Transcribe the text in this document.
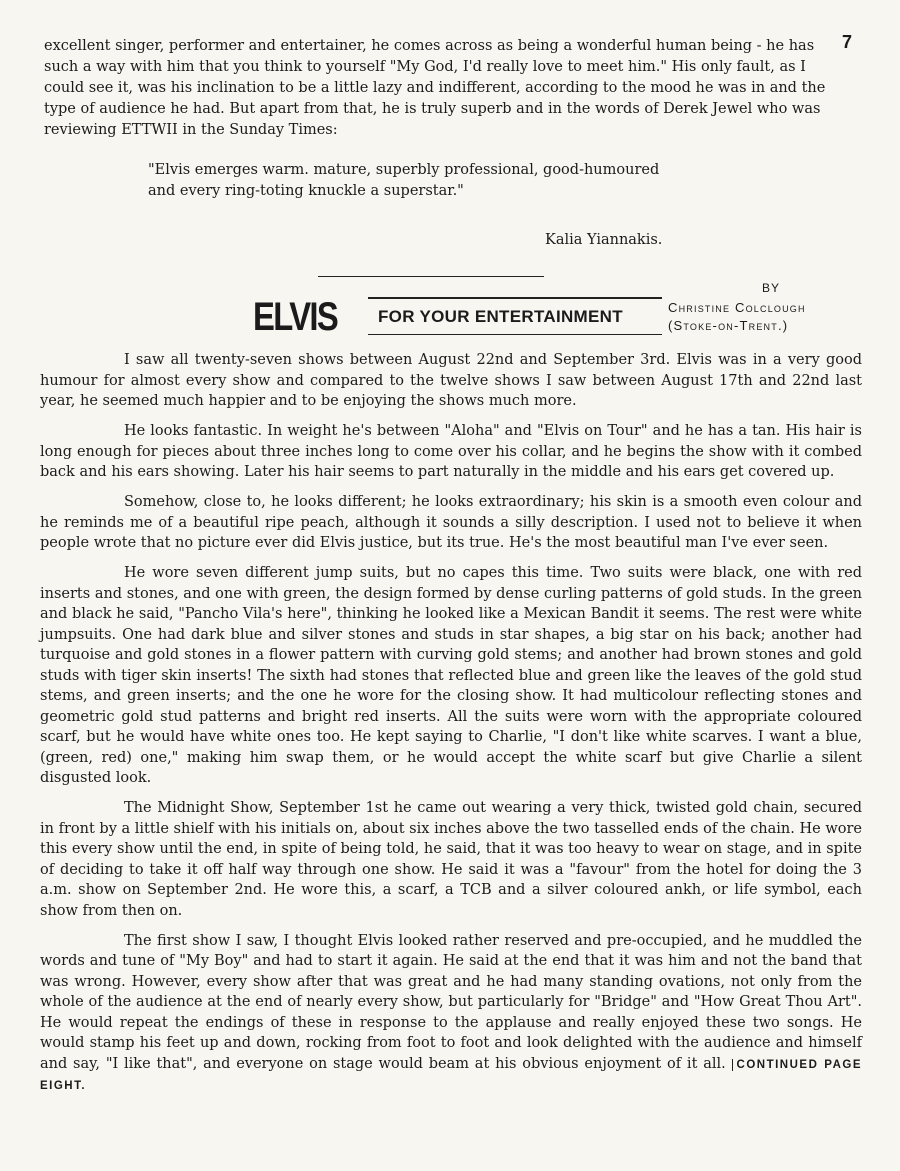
7

excellent singer, performer and entertainer, he comes across as being a wonderful human being - he has such a way with him that you think to yourself "My God, I'd really love to meet him." His only fault, as I could see it, was his inclination to be a little lazy and indifferent, according to the mood he was in and the type of audience he had. But apart from that, he is truly superb and in the words of Derek Jewel who was reviewing ETTWII in the Sunday Times:

"Elvis emerges warm. mature, superbly professional, good-humoured

and every ring-toting knuckle a superstar."

Kalia Yiannakis.
ELVIS FOR YOUR ENTERTAINMENT
BY
Christine Colclough
(Stoke-on-Trent.)

I saw all twenty-seven shows between August 22nd and September 3rd. Elvis was in a very good humour for almost every show and compared to the twelve shows I saw between August 17th and 22nd last year, he seemed much happier and to be enjoying the shows much more.

He looks fantastic. In weight he's between "Aloha" and "Elvis on Tour" and he has a tan. His hair is long enough for pieces about three inches long to come over his collar, and he begins the show with it combed back and his ears showing. Later his hair seems to part naturally in the middle and his ears get covered up.

Somehow, close to, he looks different; he looks extraordinary; his skin is a smooth even colour and he reminds me of a beautiful ripe peach, although it sounds a silly description. I used not to believe it when people wrote that no picture ever did Elvis justice, but its true. He's the most beautiful man I've ever seen.

He wore seven different jump suits, but no capes this time. Two suits were black, one with red inserts and stones, and one with green, the design formed by dense curling patterns of gold studs. In the green and black he said, "Pancho Vila's here", thinking he looked like a Mexican Bandit it seems. The rest were white jumpsuits. One had dark blue and silver stones and studs in star shapes, a big star on his back; another had turquoise and gold stones in a flower pattern with curving gold stems; and another had brown stones and gold studs with tiger skin inserts! The sixth had stones that reflected blue and green like the leaves of the gold stud stems, and green inserts; and the one he wore for the closing show. It had multicolour reflecting stones and geometric gold stud patterns and bright red inserts. All the suits were worn with the appropriate coloured scarf, but he would have white ones too. He kept saying to Charlie, "I don't like white scarves. I want a blue, (green, red) one," making him swap them, or he would accept the white scarf but give Charlie a silent disgusted look.

The Midnight Show, September 1st he came out wearing a very thick, twisted gold chain, secured in front by a little shielf with his initials on, about six inches above the two tasselled ends of the chain. He wore this every show until the end, in spite of being told, he said, that it was too heavy to wear on stage, and in spite of deciding to take it off half way through one show. He said it was a "favour" from the hotel for doing the 3 a.m. show on September 2nd. He wore this, a scarf, a TCB and a silver coloured ankh, or life symbol, each show from then on.

The first show I saw, I thought Elvis looked rather reserved and pre-occupied, and he muddled the words and tune of "My Boy" and had to start it again. He said at the end that it was him and not the band that was wrong. However, every show after that was great and he had many standing ovations, not only from the whole of the audience at the end of nearly every show, but particularly for "Bridge" and "How Great Thou Art". He would repeat the endings of these in response to the applause and really enjoyed these two songs. He would stamp his feet up and down, rocking from foot to foot and look delighted with the audience and himself and say, "I like that", and everyone on stage would beam at his obvious enjoyment of it all. CONTINUED PAGE EIGHT.
